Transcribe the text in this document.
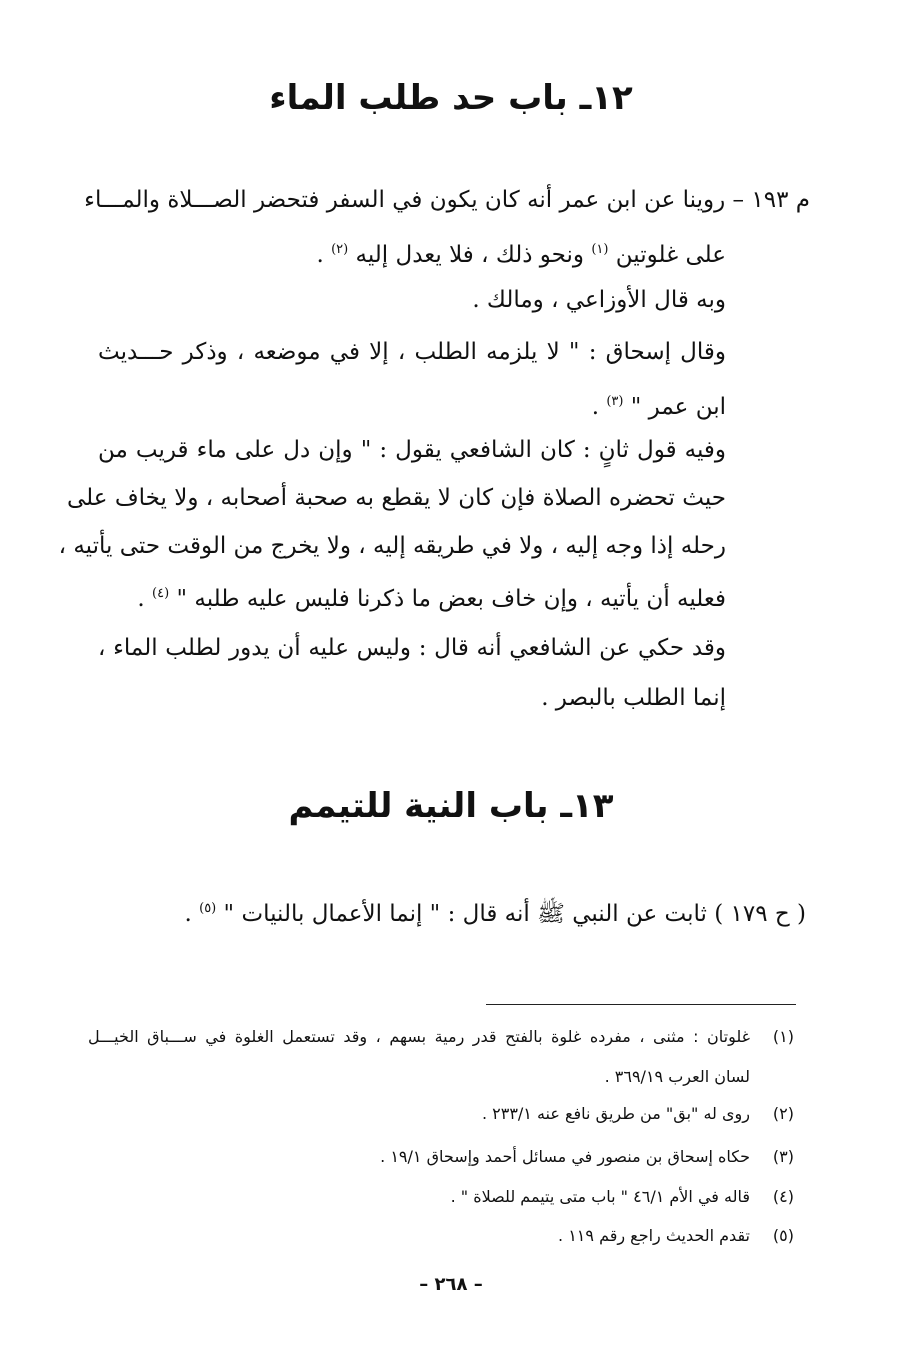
١٢ـ باب حد طلب الماء
م ١٩٣ – روينا عن ابن عمر أنه كان يكون في السفر فتحضر الصـــلاة والمـــاء
على غلوتين $^{(١)}$ ونحو ذلك ، فلا يعدل إليه $^{(٢)}$ .
وبه قال الأوزاعي ، ومالك .
وقال إسحاق : " لا يلزمه الطلب ، إلا في موضعه ، وذكر حـــديث
ابن عمر " $^{(٣)}$ .
وفيه قول ثانٍ : كان الشافعي يقول : " وإن دل على ماء قريب من
حيث تحضره الصلاة فإن كان لا يقطع به صحبة أصحابه ، ولا يخاف على
رحله إذا وجه إليه ، ولا في طريقه إليه ، ولا يخرج من الوقت حتى يأتيه ،
فعليه أن يأتيه ، وإن خاف بعض ما ذكرنا فليس عليه طلبه " $^{(٤)}$ .
وقد حكي عن الشافعي أنه قال : وليس عليه أن يدور لطلب الماء ،
إنما الطلب بالبصر .
١٣ـ باب النية للتيمم
( ح ١٧٩ ) ثابت عن النبي ﷺ أنه قال : " إنما الأعمال بالنيات " $^{(٥)}$ .
(١)
غلوتان : مثنى ، مفرده غلوة بالفتح قدر رمية بسهم ، وقد تستعمل الغلوة في ســـباق الخيـــل
لسان العرب ٣٦٩/١٩ .
(٢)
روى له "بق" من طريق نافع عنه ٢٣٣/١ .
(٣)
حكاه إسحاق بن منصور في مسائل أحمد وإسحاق ١٩/١ .
(٤)
قاله في الأم ٤٦/١ " باب متى يتيمم للصلاة " .
(٥)
تقدم الحديث راجع رقم ١١٩ .
– ٢٦٨ –
